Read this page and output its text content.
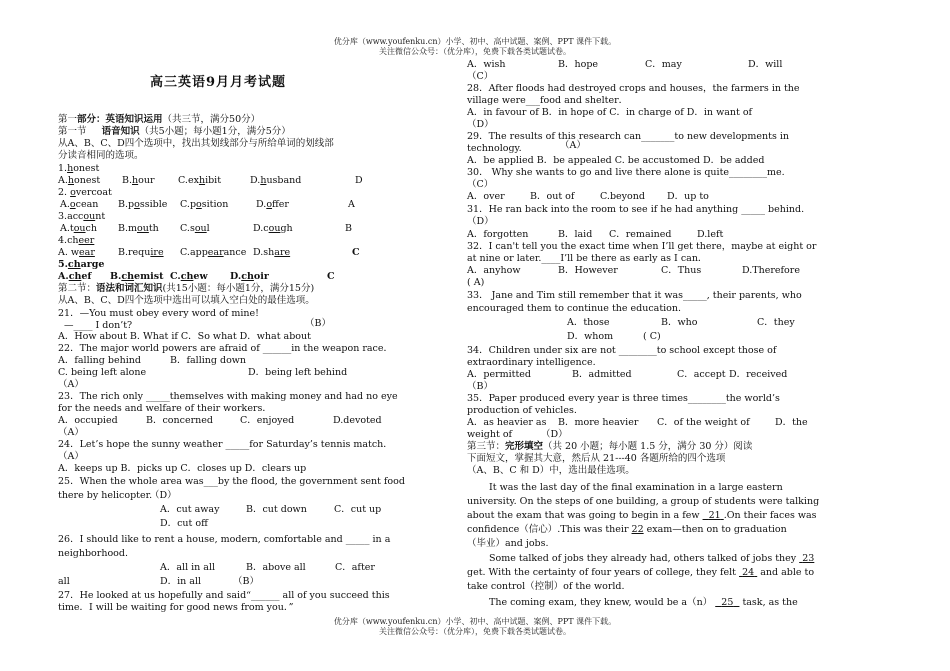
优分库（www.youfenku.cn）小学、初中、高中试题、案例、PPT 课件下载。
关注微信公众号：（优分库），免费下载各类试题试卷。
高三英语9月月考试题
第一部分：英语知识运用（共三节，满分50分）
第一节 语音知识（共5小题；每小题1分，满分5分）
从A、B、C、D四个选项中，找出其划线部分与所给单词的划线部
分读音相同的选项。
1.honest
A.honest B.hour C.exhibit	D.husband	D
2. overcoat
A.ocean B.possible C.position	D.offer	A
3.account
A.touch B.mouth C.soul	D.cough	B
4.cheer
A. wear B.require C.appearance D.share	C
5.charge
A.chef B.chemist C.chew D.choir	C
第二节：语法和词汇知识(共15小题：每小题1分，满分15分)
从A、B、C、D四个选项中选出可以填入空白处的最佳选项。
21．—You must obey every word of mine!
—____ I don’t?	（B）
A．How about B. What if C．So what D．what about
22．The major world powers are afraid of ______in the weapon race．
A．falling behind	B．falling down
C. being left alone	D．being left behind
（A）
23．The rich only _____themselves with making money and had no eye
for the needs and welfare of their workers．
A．occupied	B．concerned	C．enjoyed	D.devoted
（A）
24．Let’s hope the sunny weather _____for Saturday’s tennis match．
（A）
A．keeps up B．picks up C．closes up D．clears up
25．When the whole area was___by the flood, the government sent food
there by helicopter.
（D）
A．cut away	B．cut down	C．cut up
D．cut off
26．I should like to rent a house, modern, comfortable and _____ in a
neighborhood.
A．all in all	B．above all	C．after
all	D．in all	（B）
27．He looked at us hopefully and said“______ all of you succeed this
time．I will be waiting for good news from you．”
A．wish	B．hope	C．may	D．will
（C）
28．After floods had destroyed crops and houses，the farmers in the
village were___food and shelter．
A．in favour of B．in hope of C．in charge of D．in want of
（D）
29．The results of this research can_______to new developments in
technology.	（A）
A．be applied B．be appealed C. be accustomed D．be added
30． Why she wants to go and live there alone is quite________me.
（C）
A．over	B．out of	C.beyond D．up to
31．He ran back into the room to see if he had anything _____ behind.
（D）
A．forgotten	B．laid C．remained	D.left
32．I can't tell you the exact time when I’ll get there，maybe at eight or
at nine or later.____I’ll be there as early as I can．
A．anyhow	B．However	C．Thus	D.Therefore
( A)
33． Jane and Tim still remember that it was_____, their parents, who
encouraged them to continue the education.
A．those	B．who	C．they
D．whom	( C)
34．Children under six are not ________to school except those of
extraordinary intelligence.
A．permitted	B．admitted	C．accept D．received
（B）
35．Paper produced every year is three times________the world’s
production of vehicles.
A．as heavier as B．more heavier C．of the weight of	D．the
weight of	（D）
第三节：完形填空（共 20 小题；每小题 1.5 分，满分 30 分）阅读
下面短文，掌握其大意，然后从 21---40 各题所给的四个选项
（A、B、C 和 D）中，选出最佳选项。
It was the last day of the final examination in a large eastern
university. On the steps of one building, a group of students were talking
about the exam that was going to begin in a few 21 .On their faces was
confidence（信心）.This was their 22 exam—then on to graduation
（毕业）and jobs.
Some talked of jobs they already had, others talked of jobs they 23
get. With the certainty of four years of college, they felt 24 and able to
take control（控制）of the world.
The coming exam, they knew, would be a（n） 25 task, as the
优分库（www.youfenku.cn）小学、初中、高中试题、案例、PPT 课件下载。
关注微信公众号：（优分库），免费下载各类试题试卷。
